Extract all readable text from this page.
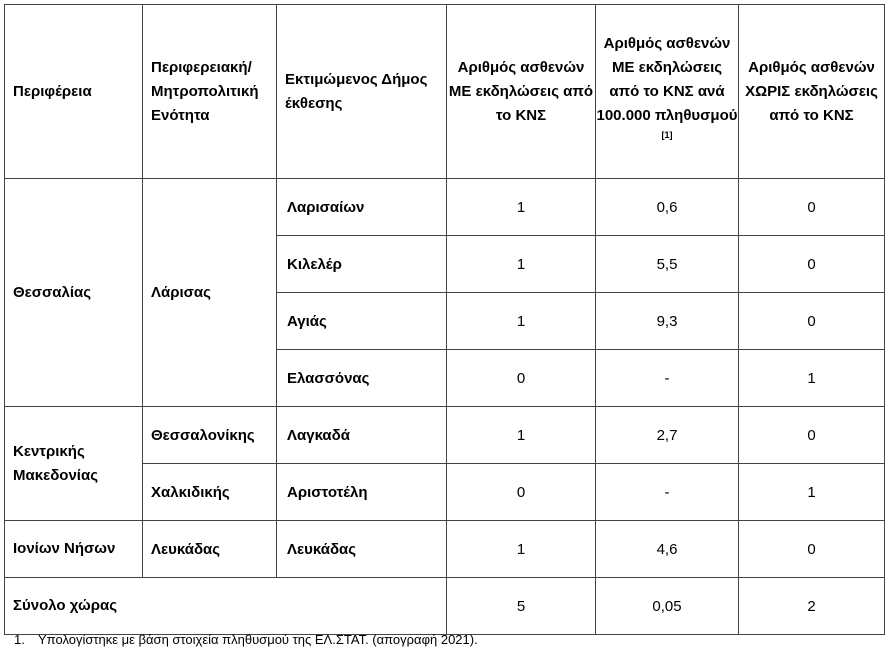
Περιφέρεια	Περιφερειακή/ Μητροπολιτική Ενότητα	Εκτιμώμενος Δήμος έκθεσης	Αριθμός ασθενών ΜΕ εκδηλώσεις από το ΚΝΣ	Αριθμός ασθενών ΜΕ εκδηλώσεις από το ΚΝΣ ανά 100.000 πληθυσμού [1]	Αριθμός ασθενών ΧΩΡΙΣ εκδηλώσεις από το ΚΝΣ
Θεσσαλίας	Λάρισας	Λαρισαίων	1	0,6	0
		Κιλελέρ	1	5,5	0
		Αγιάς	1	9,3	0
		Ελασσόνας	0	-	1
Κεντρικής Μακεδονίας	Θεσσαλονίκης	Λαγκαδά	1	2,7	0
	Χαλκιδικής	Αριστοτέλη	0	-	1
Ιονίων Νήσων	Λευκάδας	Λευκάδας	1	4,6	0
Σύνολο χώρας			5	0,05	2
1. Υπολογίστηκε με βάση στοιχεία πληθυσμού της ΕΛ.ΣΤΑΤ. (απογραφή 2021).
